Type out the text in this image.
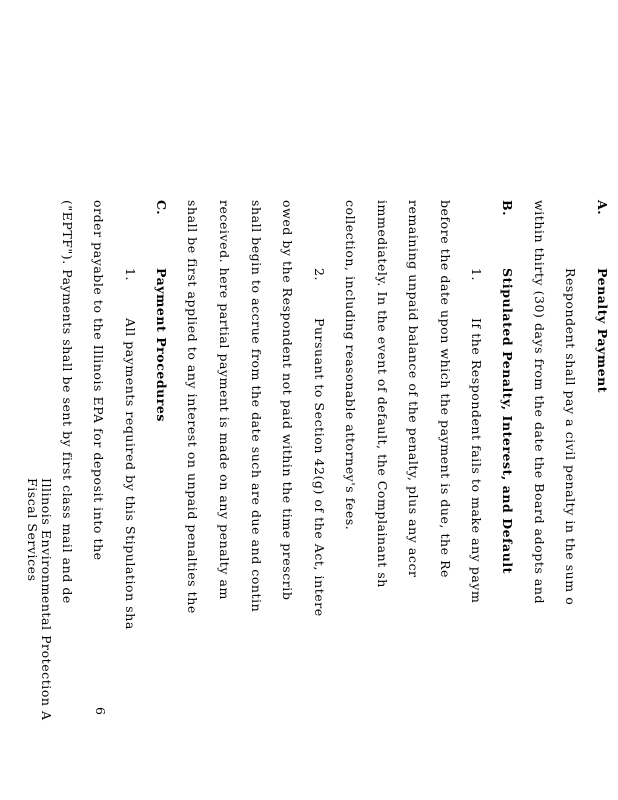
A.
Penalty Payment
Respondent shall pay a civil penalty in the sum o
within thirty (30) days from the date the Board adopts and
B.
Stipulated Penalty, Interest, and Default
1.
If the Respondent fails to make any paym
before the date upon which the payment is due, the Re
remaining unpaid balance of the penalty, plus any accr
immediately. In the event of default, the Complainant sh
collection, including reasonable attorney's fees.
2.
Pursuant to Section 42(g) of the Act, intere
owed by the Respondent not paid within the time prescrib
shall begin to accrue from the date such are due and contin
received. here partial payment is made on any penalty am
shall be first applied to any interest on unpaid penalties the
C.
Payment Procedures
1.
All payments required by this Stipulation sha
order payable to the Illinois EPA for deposit into the
("EPTF"). Payments shall be sent by first class mail and de
Illinois Environmental Protection A
Fiscal Services
6
